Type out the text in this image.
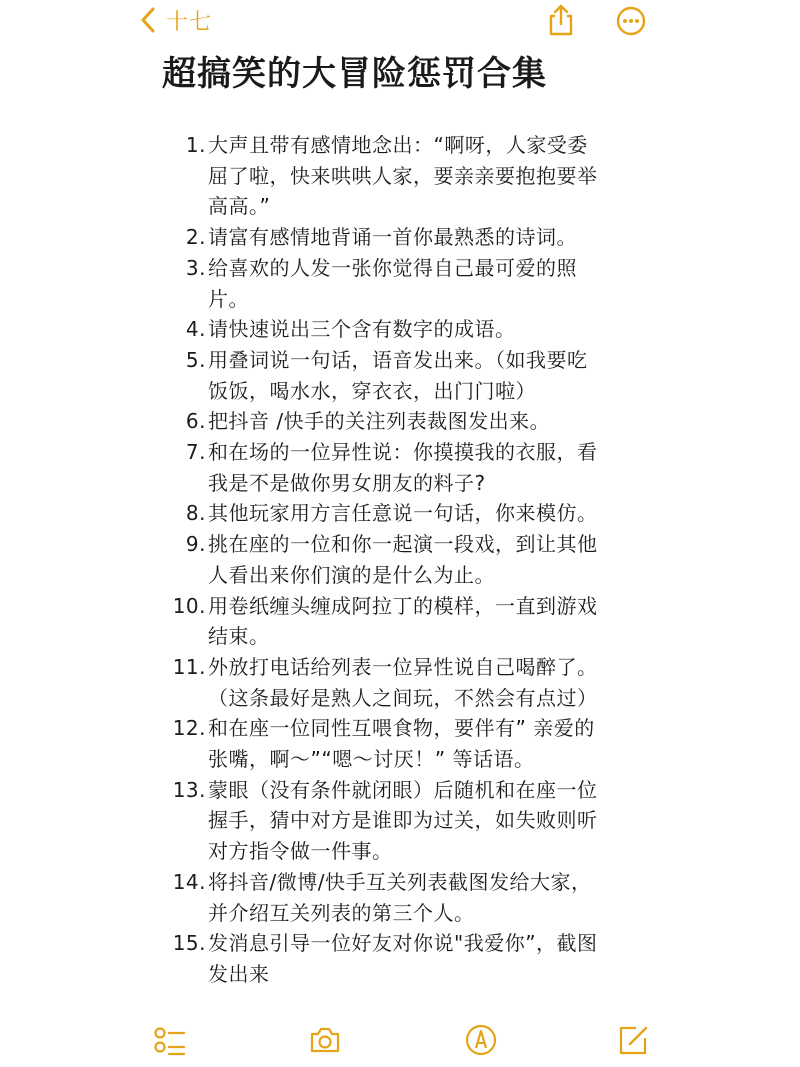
十七
超搞笑的大冒险惩罚合集
1. 大声且带有感情地念出：“啊呀，人家受委
屈了啦，快来哄哄人家，要亲亲要抱抱要举
高高。”
2. 请富有感情地背诵一首你最熟悉的诗词。
3. 给喜欢的人发一张你觉得自己最可爱的照
片。
4. 请快速说出三个含有数字的成语。
5. 用叠词说一句话，语音发出来。（如我要吃
饭饭，喝水水，穿衣衣，出门门啦）
6. 把抖音 /快手的关注列表裁图发出来。
7. 和在场的一位异性说：你摸摸我的衣服，看
我是不是做你男女朋友的料子?
8. 其他玩家用方言任意说一句话，你来模仿。
9. 挑在座的一位和你一起演一段戏，到让其他
人看出来你们演的是什么为止。
10. 用卷纸缠头缠成阿拉丁的模样，一直到游戏
结束。
11. 外放打电话给列表一位异性说自己喝醉了。
（这条最好是熟人之间玩，不然会有点过）
12. 和在座一位同性互喂食物，要伴有” 亲爱的
张嘴，啊～”“嗯～讨厌！” 等话语。
13. 蒙眼（没有条件就闭眼）后随机和在座一位
握手，猜中对方是谁即为过关，如失败则听
对方指令做一件事。
14. 将抖音/微博/快手互关列表截图发给大家，
并介绍互关列表的第三个人。
15. 发消息引导一位好友对你说"我爱你”，截图
发出来
